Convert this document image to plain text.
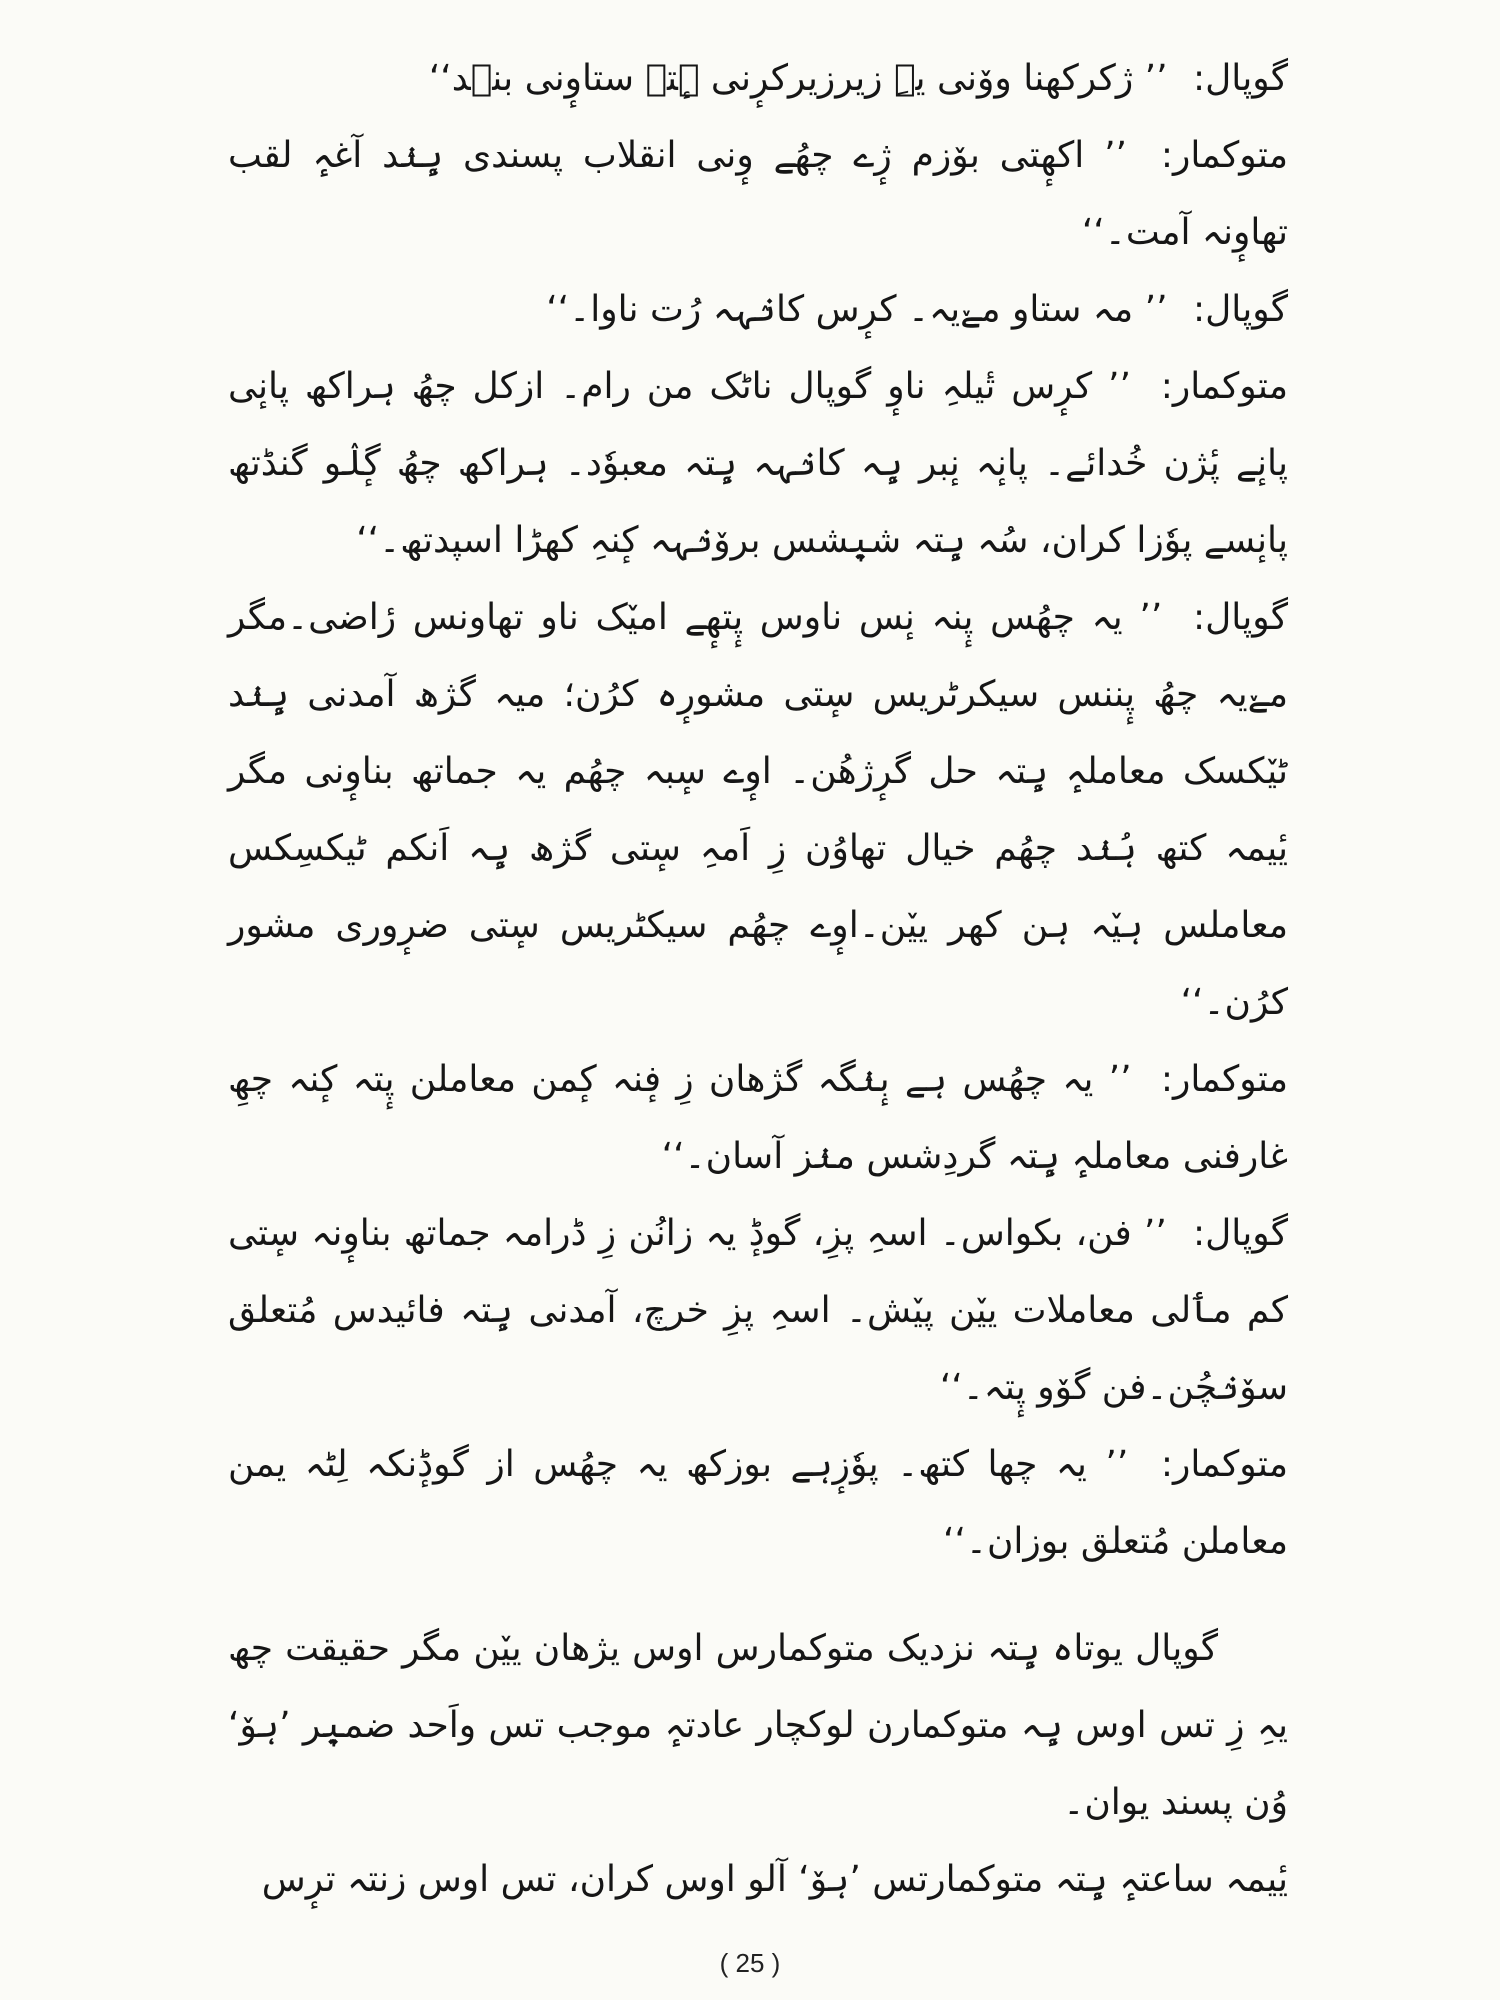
گوپال: ’’ ژکرکھنا ووٚنی یہِ زیرزیرکرٕنی ہٕتہ ستاوٕنی بنٛد‘‘

متوکمار: ’’ اکھٕتی بوٚزم ژٕے چھُے وٕنی انقلاب پسندی ہٕنٛد آغہٕ لقب تھاوٕنہ آمت۔‘‘

گوپال: ’’ مہ ستاو مےٚیہ۔ کرٕس کانٛہہ رُت ناوا۔‘‘

متوکمار: ’’ کرٕس تٔیلہِ ناوٕ گوپال ناٹک من رام۔ ازکل چھُ ہراکھ پانٕی پانٕے پٔژن خُدائے۔ پانٕہ نٕبر ہٕہ کانٛہہ ہٕتہ معبوٗد۔ ہراکھ چھُ گٕلٛو گنڈتھ پانٕسے پوٗزا کران، سُہ ہٕتہ شیٖشس بروٚنٛہہ کٕنہِ کھڑا اسپدتھ۔‘‘

گوپال: ’’ یہ چھُس پٕنہ نٕس ناوس پٕتھٕے امیٚک ناو تھاونس رٔاضی۔مگر مےٚیہ چھُ پٕننس سیکرٹریس سٕتی مشورٕہ کرُن؛ میہ گژھ آمدنی ہٕنٛد ٹیٚکسک معاملہٕ ہٕتہ حل گرٕژھُن۔ اوٕے سٕبہ چھُم یہ جماتھ بناوٕنی مگر یٔیمہ کتھ ہُنٛد چھُم خیال تھاوُن زِ اَمہِ سٕتی گژھ ہٕہ اَنکم ٹیکسِکس معاملس ہیٚہ ہن کھر ییٚن۔اوٕے چھُم سیکٹریس سٕتی ضرٕوری مشور کرُن۔‘‘

متوکمار: ’’ یہ چھُس ہے بٕنٛگہ گژھان زِ فٕنہ کٕمن معاملن پٕتہ کٕنہ چھِ غارفنی معاملہٕ ہٕتہ گردِشس منٛز آسان۔‘‘

گوپال: ’’ فن، بکواس۔ اسہِ پزِ، گوڈٕ یہ زانُن زِ ڈرامہ جماتھ بناوٕنہ سٕتی کم مٲلی معاملات ییٚن پیٚش۔ اسہِ پزِ خرچ، آمدنی ہٕتہ فائیدس مُتعلق سوٚنٛچُن۔فن گوٚو پٕتہ۔‘‘

متوکمار: ’’ یہ چھا کتھ۔ پوٗزٕہے بوزکھ یہ چھُس از گوڈٕنکہ لِٹہ یمن معاملن مُتعلق بوزان۔‘‘

گوپال یوتاہ ہٕتہ نزدیک متوکمارس اوس یژھان ییٚن مگر حقیقت چھ یہِ زِ تس اوس ہٕہ متوکمارن لوکچار عادتہٕ موجب تس واَحد ضمیٖر ’ہوٚ‘ وُن پسند یوان۔

یٔیمہ ساعتہٕ ہٕتہ متوکمارتس ’ہوٚ‘ آلو اوس کران، تس اوس زنتہ ترٕس

( 25 )
